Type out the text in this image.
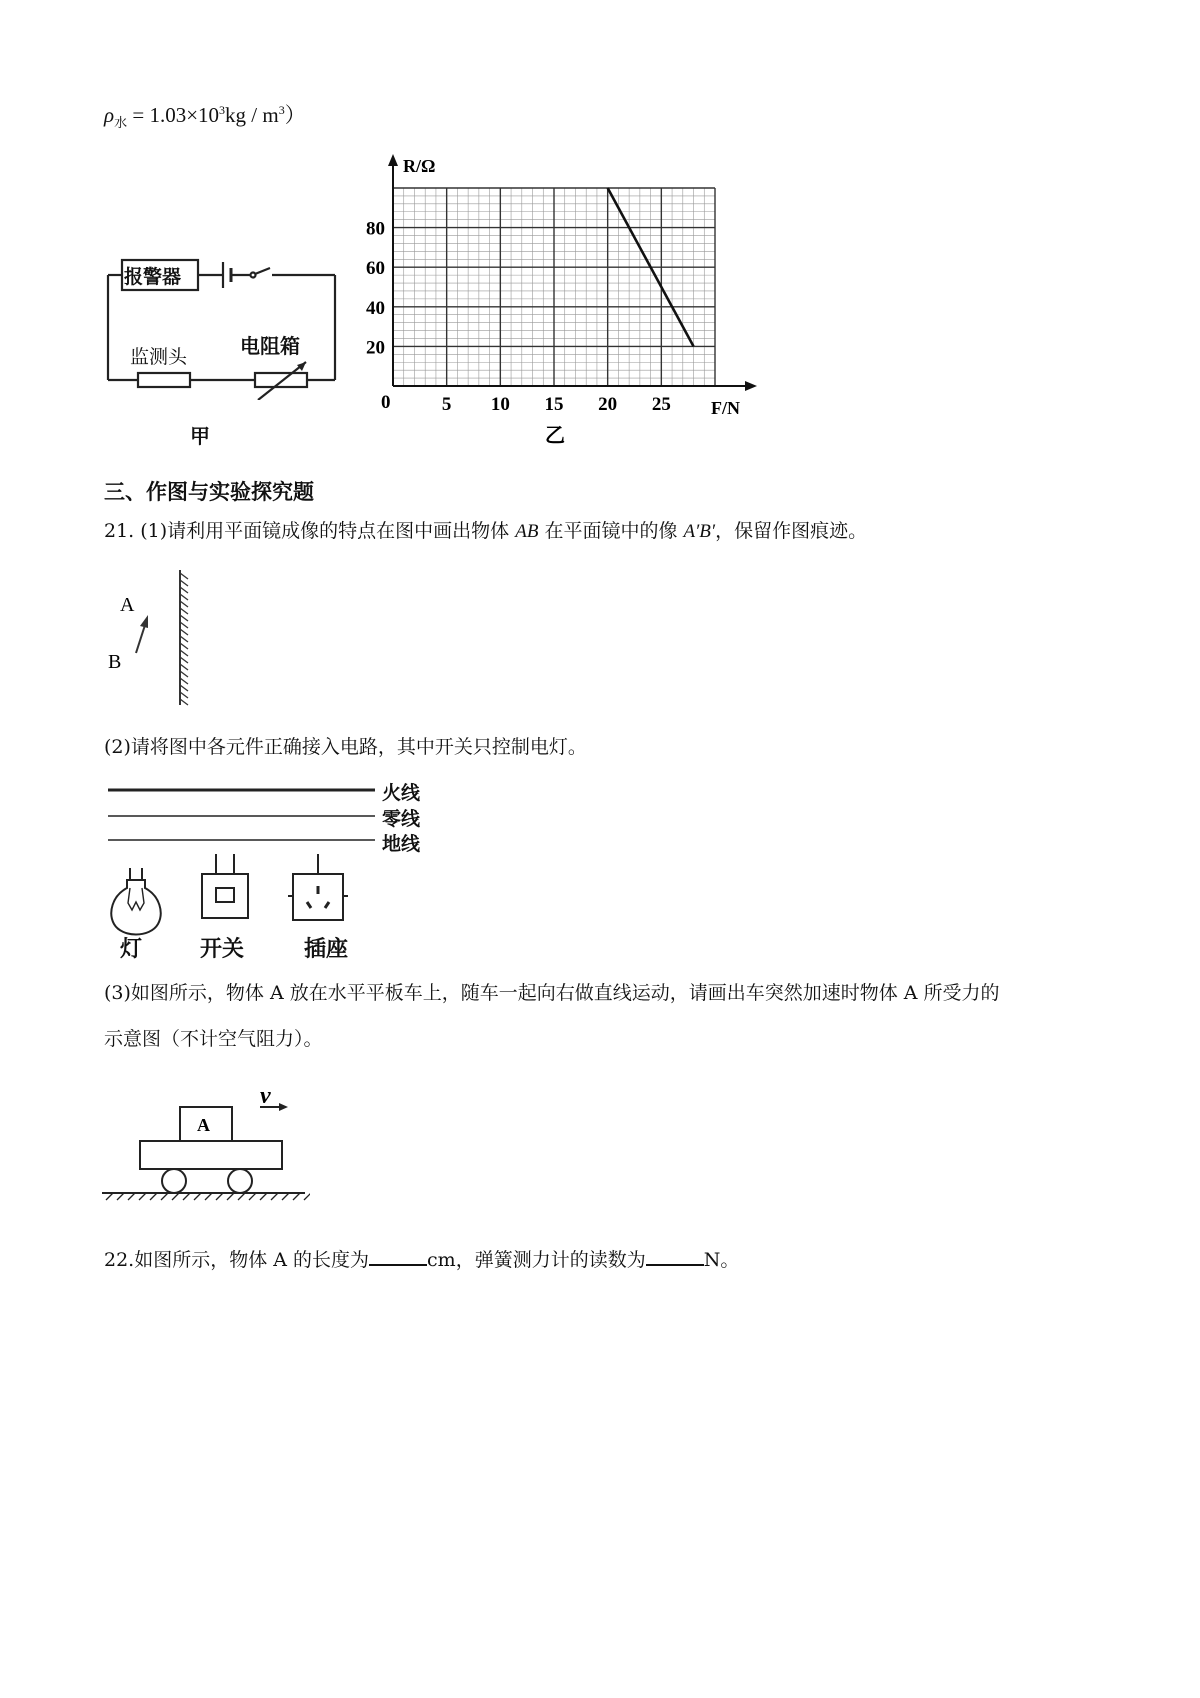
$\rho_水 = 1.03\times 10^3kg / m^3$）
报警器
监测头	电阻箱
甲
R/Ω
F/N
0	5 10 15 20 25
80
60
40
20
乙
三、作图与实验探究题
21. (1)请利用平面镜成像的特点在图中画出物体 AB 在平面镜中的像 A′B′，保留作图痕迹。
A
B
(2)请将图中各元件正确接入电路，其中开关只控制电灯。
火线
零线
地线
灯	开关	插座
(3)如图所示，物体 A 放在水平平板车上，随车一起向右做直线运动，请画出车突然加速时物体 A 所受力的
示意图（不计空气阻力）。
A
v
22.如图所示，物体 A 的长度为	cm，弹簧测力计的读数为	N。
